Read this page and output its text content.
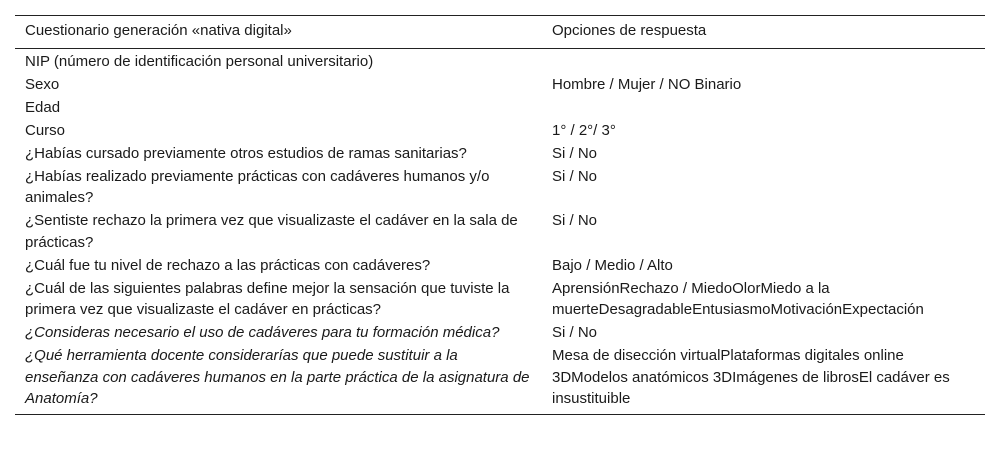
Cuestionario generación «nativa digital»	Opciones de respuesta
NIP (número de identificación personal universitario)	
Sexo	Hombre / Mujer / NO Binario
Edad	
Curso	1° / 2°/ 3°
¿Habías cursado previamente otros estudios de ramas sanitarias?	Si / No
¿Habías realizado previamente prácticas con cadáveres humanos y/o animales?	Si / No
¿Sentiste rechazo la primera vez que visualizaste el cadáver en la sala de prácticas?	Si / No
¿Cuál fue tu nivel de rechazo a las prácticas con cadáveres?	Bajo / Medio / Alto
¿Cuál de las siguientes palabras define mejor la sensación que tuviste la primera vez que visualizaste el cadáver en prácticas?	AprensiónRechazo / MiedoOlorMiedo a la muerteDesagradableEntusiasmoMotivaciónExpectación
¿Consideras necesario el uso de cadáveres para tu formación médica?	Si / No
¿Qué herramienta docente considerarías que puede sustituir a la enseñanza con cadáveres humanos en la parte práctica de la asignatura de Anatomía?	Mesa de disección virtualPlataformas digitales online 3DModelos anatómicos 3DImágenes de librosEl cadáver es insustituible
